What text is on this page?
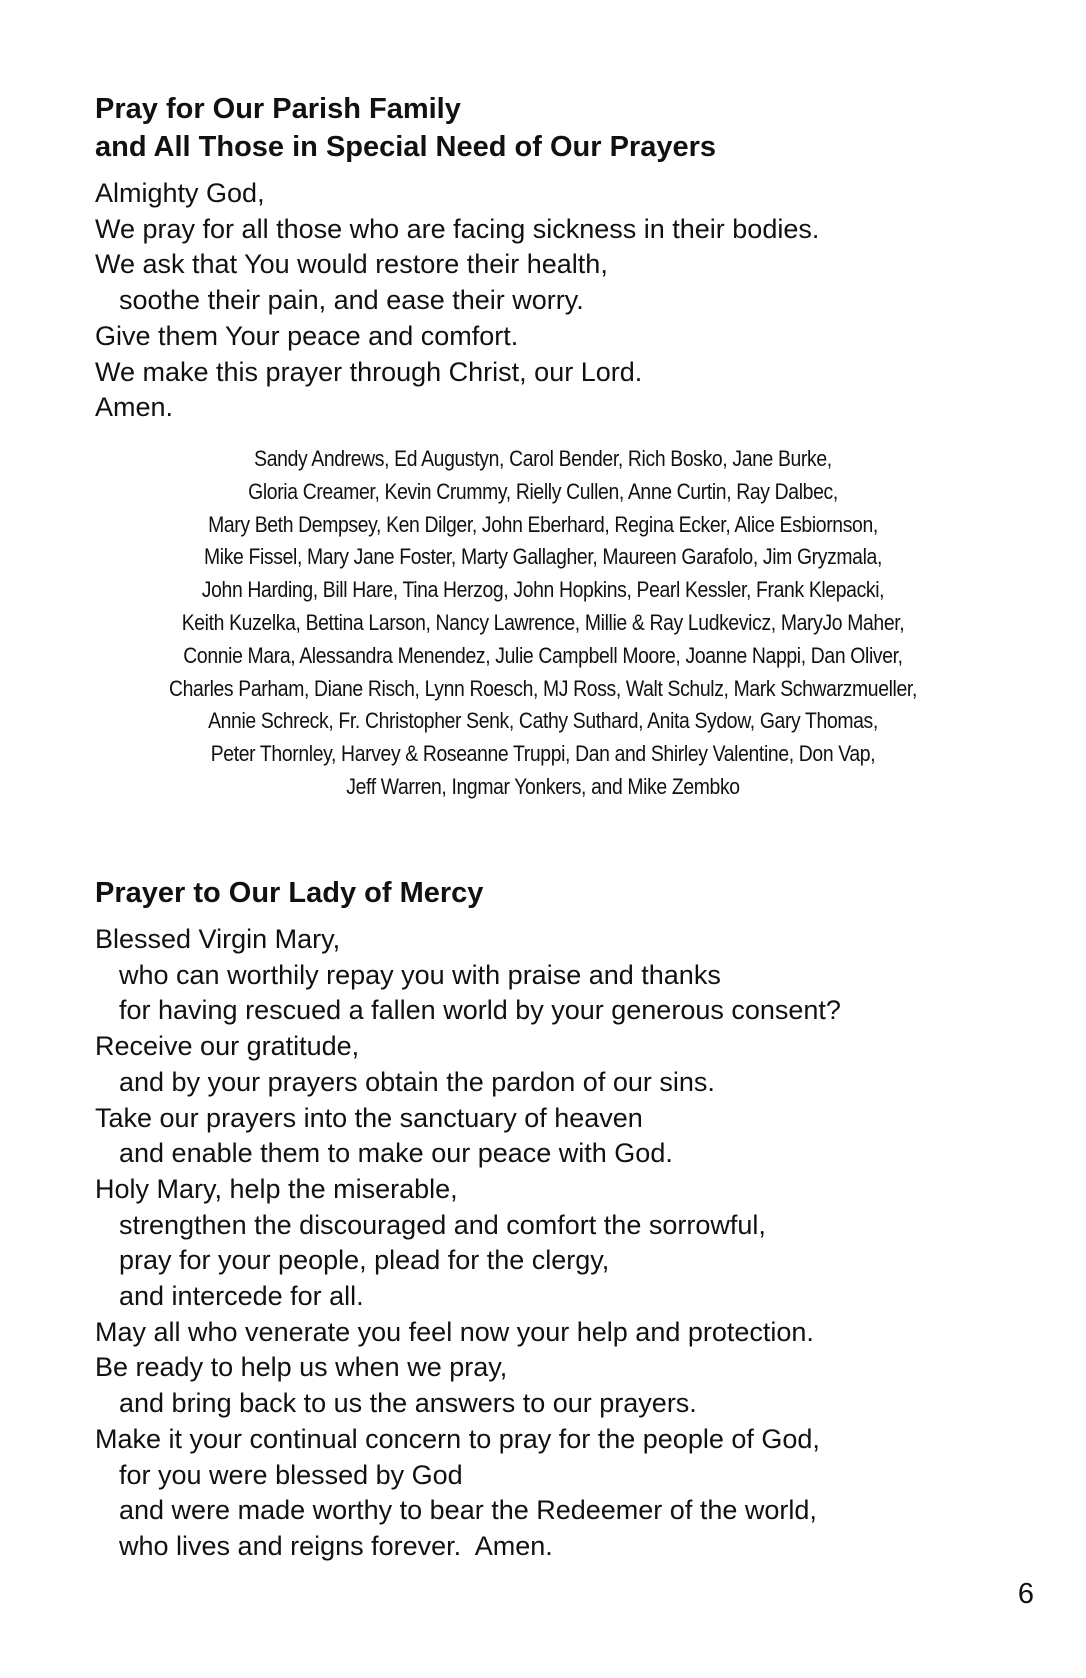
Pray for Our Parish Family
and All Those in Special Need of Our Prayers
Almighty God,
We pray for all those who are facing sickness in their bodies.
We ask that You would restore their health,
soothe their pain, and ease their worry.
Give them Your peace and comfort.
We make this prayer through Christ, our Lord.
Amen.
Sandy Andrews, Ed Augustyn, Carol Bender, Rich Bosko, Jane Burke,
Gloria Creamer, Kevin Crummy, Rielly Cullen, Anne Curtin, Ray Dalbec,
Mary Beth Dempsey, Ken Dilger, John Eberhard, Regina Ecker, Alice Esbiornson,
Mike Fissel, Mary Jane Foster, Marty Gallagher, Maureen Garafolo, Jim Gryzmala,
John Harding, Bill Hare, Tina Herzog, John Hopkins, Pearl Kessler, Frank Klepacki,
Keith Kuzelka, Bettina Larson, Nancy Lawrence, Millie & Ray Ludkevicz, MaryJo Maher,
Connie Mara, Alessandra Menendez, Julie Campbell Moore, Joanne Nappi, Dan Oliver,
Charles Parham, Diane Risch, Lynn Roesch, MJ Ross, Walt Schulz, Mark Schwarzmueller,
Annie Schreck, Fr. Christopher Senk, Cathy Suthard, Anita Sydow, Gary Thomas,
Peter Thornley, Harvey & Roseanne Truppi, Dan and Shirley Valentine, Don Vap,
Jeff Warren, Ingmar Yonkers, and Mike Zembko
Prayer to Our Lady of Mercy
Blessed Virgin Mary,
who can worthily repay you with praise and thanks
for having rescued a fallen world by your generous consent?
Receive our gratitude,
and by your prayers obtain the pardon of our sins.
Take our prayers into the sanctuary of heaven
and enable them to make our peace with God.
Holy Mary, help the miserable,
strengthen the discouraged and comfort the sorrowful,
pray for your people, plead for the clergy,
and intercede for all.
May all who venerate you feel now your help and protection.
Be ready to help us when we pray,
and bring back to us the answers to our prayers.
Make it your continual concern to pray for the people of God,
for you were blessed by God
and were made worthy to bear the Redeemer of the world,
who lives and reigns forever.  Amen.
6
